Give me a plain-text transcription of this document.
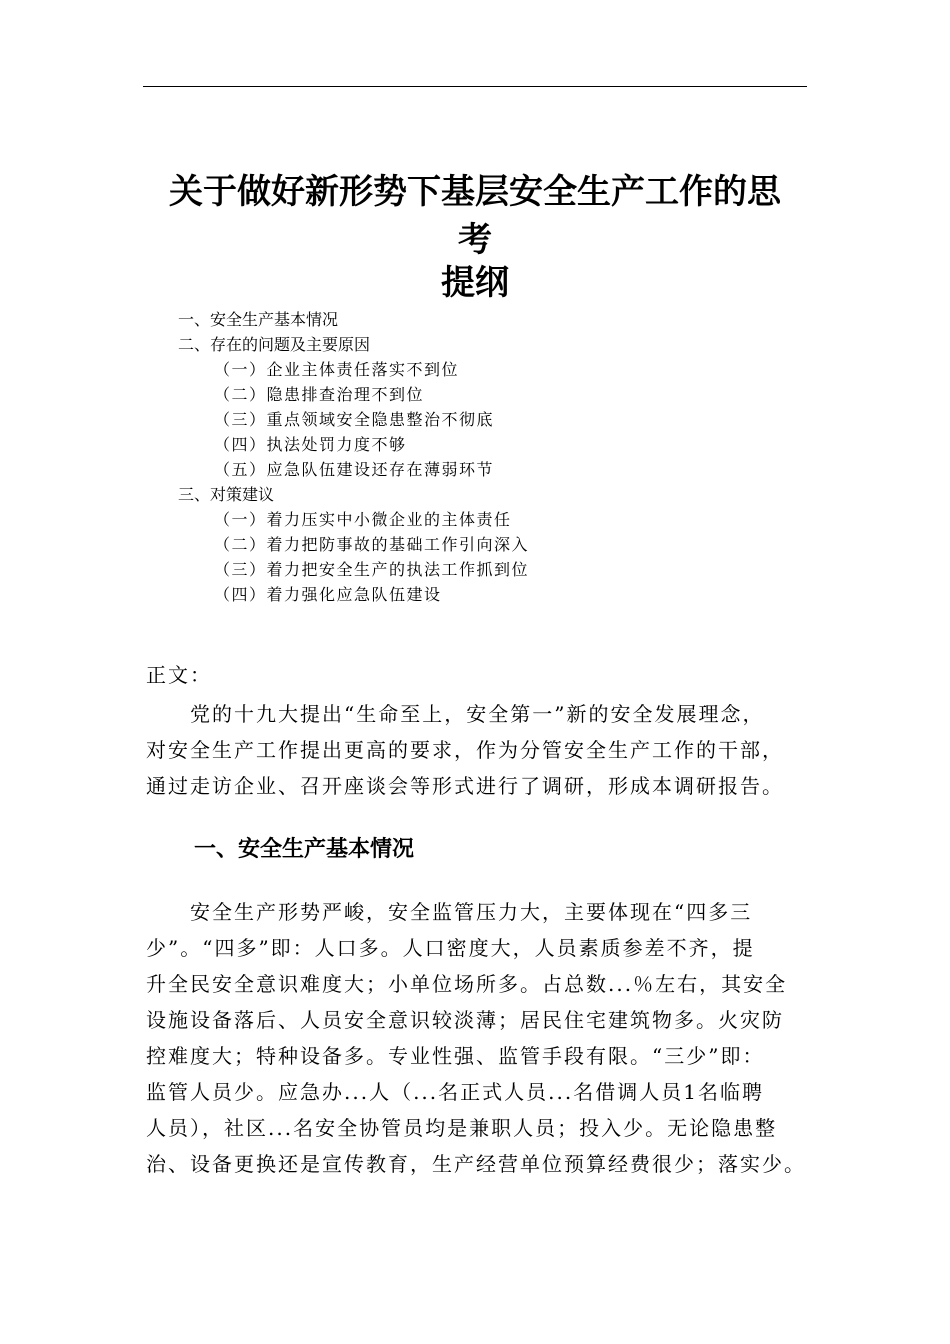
关于做好新形势下基层安全生产工作的思
考
提纲
一、安全生产基本情况
二、存在的问题及主要原因
（一）企业主体责任落实不到位
（二）隐患排查治理不到位
（三）重点领域安全隐患整治不彻底
（四）执法处罚力度不够
（五）应急队伍建设还存在薄弱环节
三、对策建议
（一）着力压实中小微企业的主体责任
（二）着力把防事故的基础工作引向深入
（三）着力把安全生产的执法工作抓到位
（四）着力强化应急队伍建设
正文：
　　党的十九大提出“生命至上，安全第一”新的安全发展理念，
对安全生产工作提出更高的要求，作为分管安全生产工作的干部，
通过走访企业、召开座谈会等形式进行了调研，形成本调研报告。
一、安全生产基本情况
　　安全生产形势严峻，安全监管压力大，主要体现在“四多三
少”。“四多”即：人口多。人口密度大，人员素质参差不齐，提
升全民安全意识难度大；小单位场所多。占总数...％左右，其安全
设施设备落后、人员安全意识较淡薄；居民住宅建筑物多。火灾防
控难度大；特种设备多。专业性强、监管手段有限。“三少”即：
监管人员少。应急办...人（...名正式人员...名借调人员1名临聘
人员），社区...名安全协管员均是兼职人员；投入少。无论隐患整
治、设备更换还是宣传教育，生产经营单位预算经费很少；落实少。
